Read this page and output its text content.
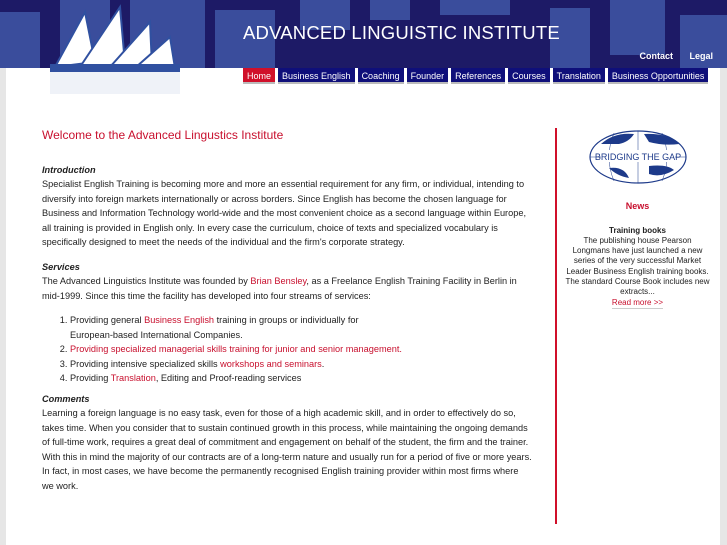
ADVANCED LINGUISTIC INSTITUTE
Contact Legal
Home	Business English	Coaching	Founder	References	Courses	Translation	Business Opportunities
Welcome to the Advanced Lingustics Institute
Introduction

Specialist English Training is becoming more and more an essential requirement for any firm, or individual, intending to diversify into foreign markets internationally or across borders. Since English has become the chosen language for Business and Information Technology world-wide and the most convenient choice as a second language within Europe, all training is provided in English only. In every case the curriculum, choice of texts and specialized vocabulary is specifically designed to meet the needs of the individual and the firm's corporate strategy.

Services

The Advanced Linguistics Institute was founded by Brian Bensley, as a Freelance English Training Facility in Berlin in mid-1999. Since this time the facility has developed into four streams of services:

1. Providing general Business English training in groups or individually for European-based International Companies.
2. Providing specialized managerial skills training for junior and senior management.
3. Providing intensive specialized skills workshops and seminars.
4. Providing Translation, Editing and Proof-reading services
Comments

Learning a foreign language is no easy task, even for those of a high academic skill, and in order to effectively do so, takes time. When you consider that to sustain continued growth in this process, while maintaining the ongoing demands of full-time work, requires a great deal of commitment and engagement on behalf of the student, the firm and the trainer.

With this in mind the majority of our contracts are of a long-term nature and usually run for a period of five or more years. In fact, in most cases, we have become the permanently recognised English training provider within most firms where we work.

BRIDGING THE GAP
News
Training books
The publishing house Pearson Longmans have just launched a new series of the very successful Market Leader Business English training books. The standard Course Book includes new extracts...
Read more >>
